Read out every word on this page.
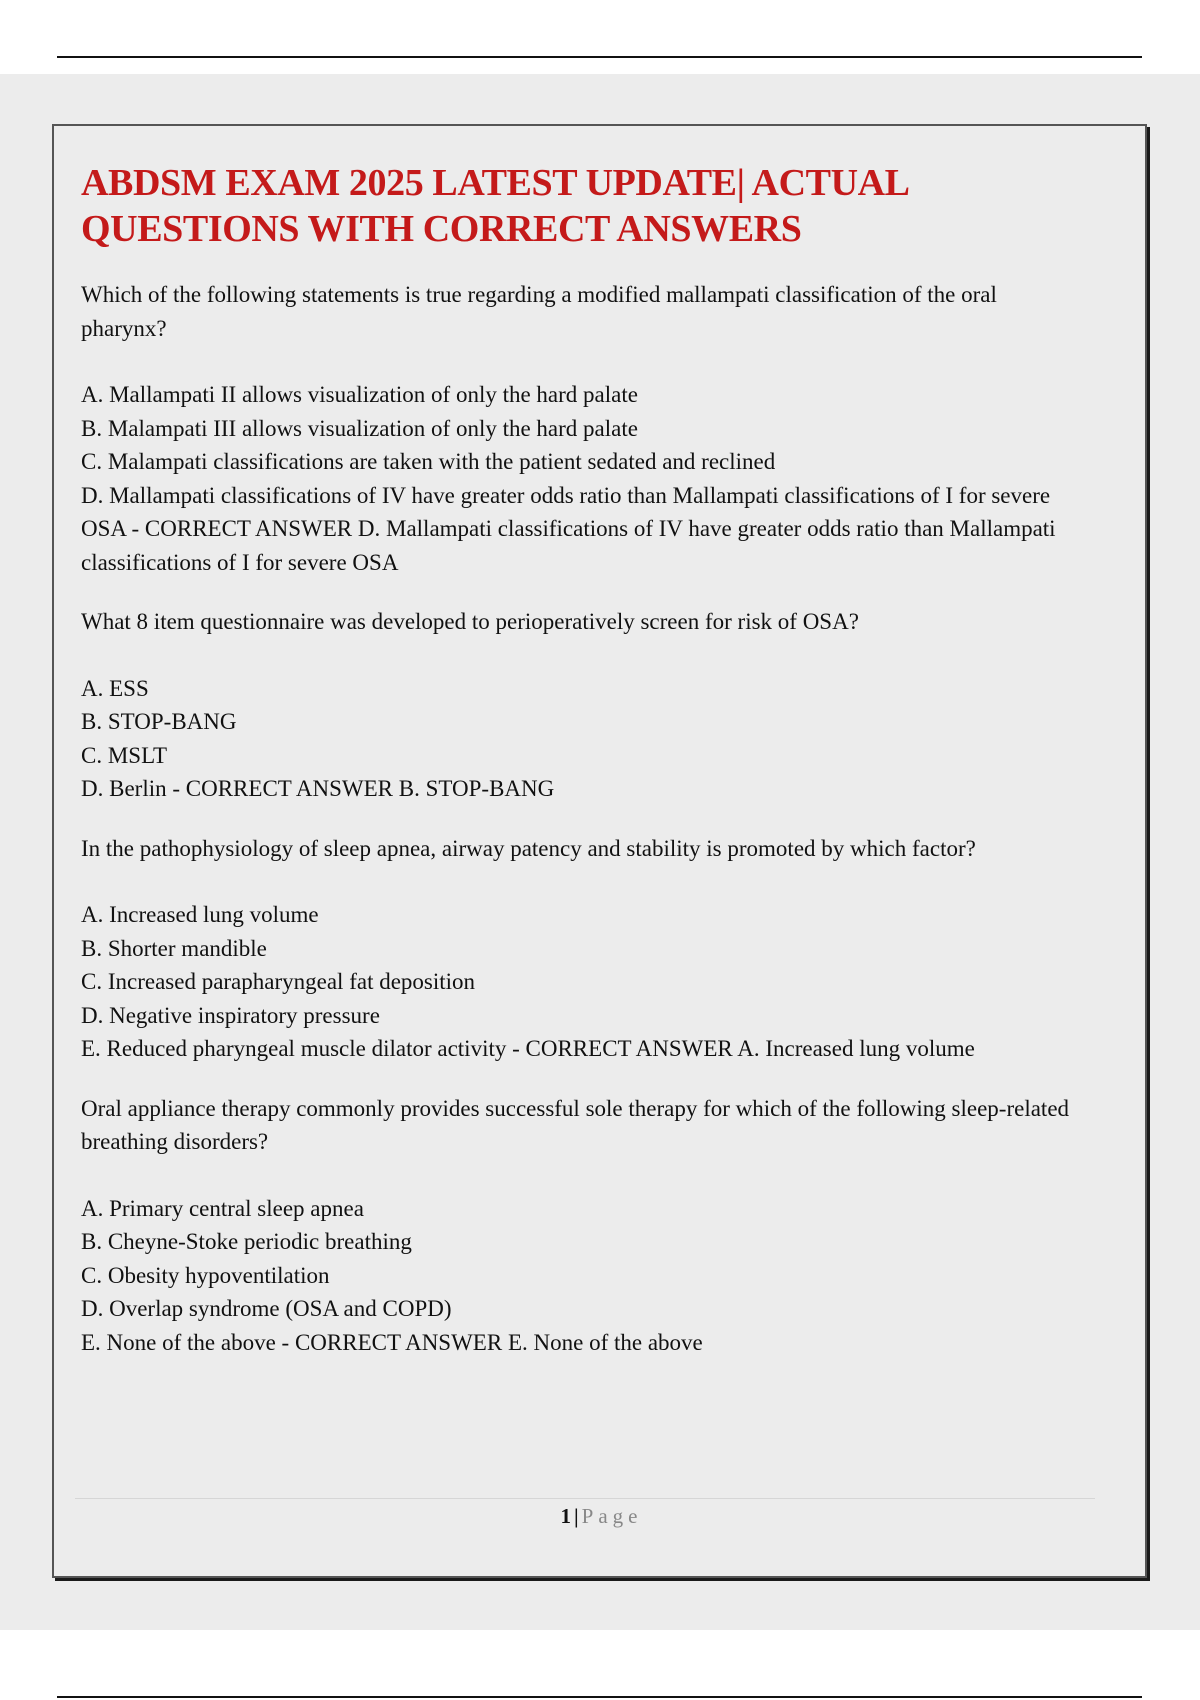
ABDSM EXAM 2025 LATEST UPDATE| ACTUAL QUESTIONS WITH CORRECT ANSWERS

Which of the following statements is true regarding a modified mallampati classification of the oral pharynx?

A. Mallampati II allows visualization of only the hard palate
B. Malampati III allows visualization of only the hard palate
C. Malampati classifications are taken with the patient sedated and reclined
D. Mallampati classifications of IV have greater odds ratio than Mallampati classifications of I for severe OSA - CORRECT ANSWER D. Mallampati classifications of IV have greater odds ratio than Mallampati classifications of I for severe OSA

What 8 item questionnaire was developed to perioperatively screen for risk of OSA?

A. ESS
B. STOP-BANG
C. MSLT
D. Berlin - CORRECT ANSWER B. STOP-BANG

In the pathophysiology of sleep apnea, airway patency and stability is promoted by which factor?

A. Increased lung volume
B. Shorter mandible
C. Increased parapharyngeal fat deposition
D. Negative inspiratory pressure
E. Reduced pharyngeal muscle dilator activity - CORRECT ANSWER A. Increased lung volume

Oral appliance therapy commonly provides successful sole therapy for which of the following sleep-related breathing disorders?

A. Primary central sleep apnea
B. Cheyne-Stoke periodic breathing
C. Obesity hypoventilation
D. Overlap syndrome (OSA and COPD)
E. None of the above - CORRECT ANSWER E. None of the above
1 | Page
